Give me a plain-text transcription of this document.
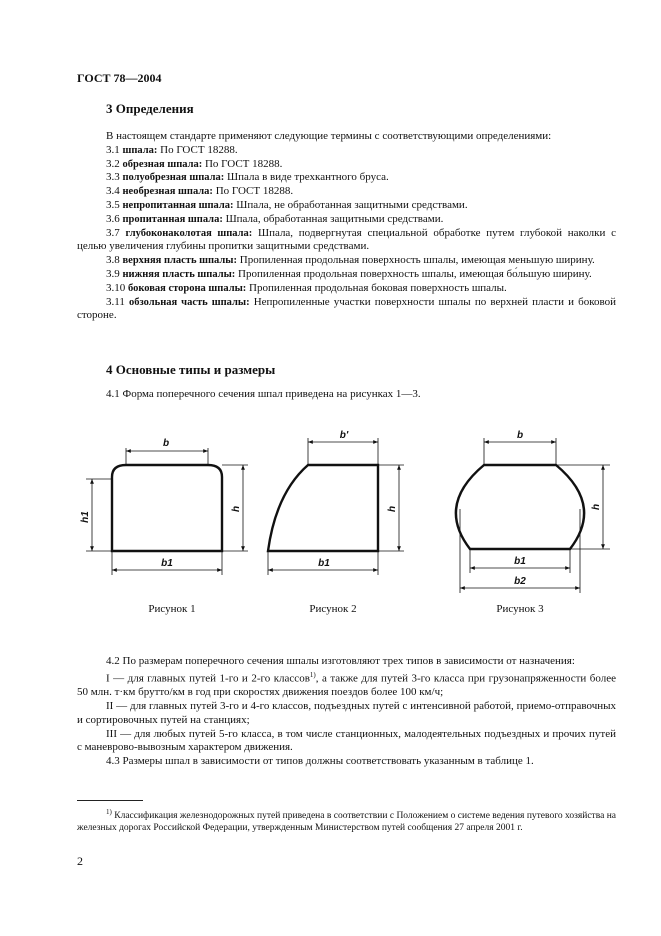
ГОСТ 78—2004
3 Определения

В настоящем стандарте применяют следующие термины с соответствующими определениями:

3.1 шпала: По ГОСТ 18288.

3.2 обрезная шпала: По ГОСТ 18288.

3.3 полуобрезная шпала: Шпала в виде трехкантного бруса.

3.4 необрезная шпала: По ГОСТ 18288.

3.5 непропитанная шпала: Шпала, не обработанная защитными средствами.

3.6 пропитанная шпала: Шпала, обработанная защитными средствами.

3.7 глубоконаколотая шпала: Шпала, подвергнутая специальной обработке путем глубокой наколки с целью увеличения глубины пропитки защитными средствами.

3.8 верхняя пласть шпалы: Пропиленная продольная поверхность шпалы, имеющая меньшую ширину.

3.9 нижняя пласть шпалы: Пропиленная продольная поверхность шпалы, имеющая бо́льшую ширину.

3.10 боковая сторона шпалы: Пропиленная продольная боковая поверхность шпалы.

3.11 обзольная часть шпалы: Непропиленные участки поверхности шпалы по верхней пласти и боковой стороне.

4 Основные типы и размеры
4.1 Форма поперечного сечения шпал приведена на рисунках 1—3.
b
b1
h
h1
b'
b1
h
b
b1
b2
h
Рисунок 1	Рисунок 2	Рисунок 3

4.2 По размерам поперечного сечения шпалы изготовляют трех типов в зависимости от назначения:

I — для главных путей 1-го и 2-го классов$^{1)}$, а также для путей 3-го класса при грузонапряженности более 50 млн. т·км брутто/км в год при скоростях движения поездов более 100 км/ч;

II — для главных путей 3-го и 4-го классов, подъездных путей с интенсивной работой, приемо-отправочных и сортировочных путей на станциях;

III — для любых путей 5-го класса, в том числе станционных, малодеятельных подъездных и прочих путей с маневрово-вывозным характером движения.

4.3 Размеры шпал в зависимости от типов должны соответствовать указанным в таблице 1.

$^{1)}$ Классификация железнодорожных путей приведена в соответствии с Положением о системе ведения путевого хозяйства на железных дорогах Российской Федерации, утвержденным Министерством путей сообщения 27 апреля 2001 г.

2
